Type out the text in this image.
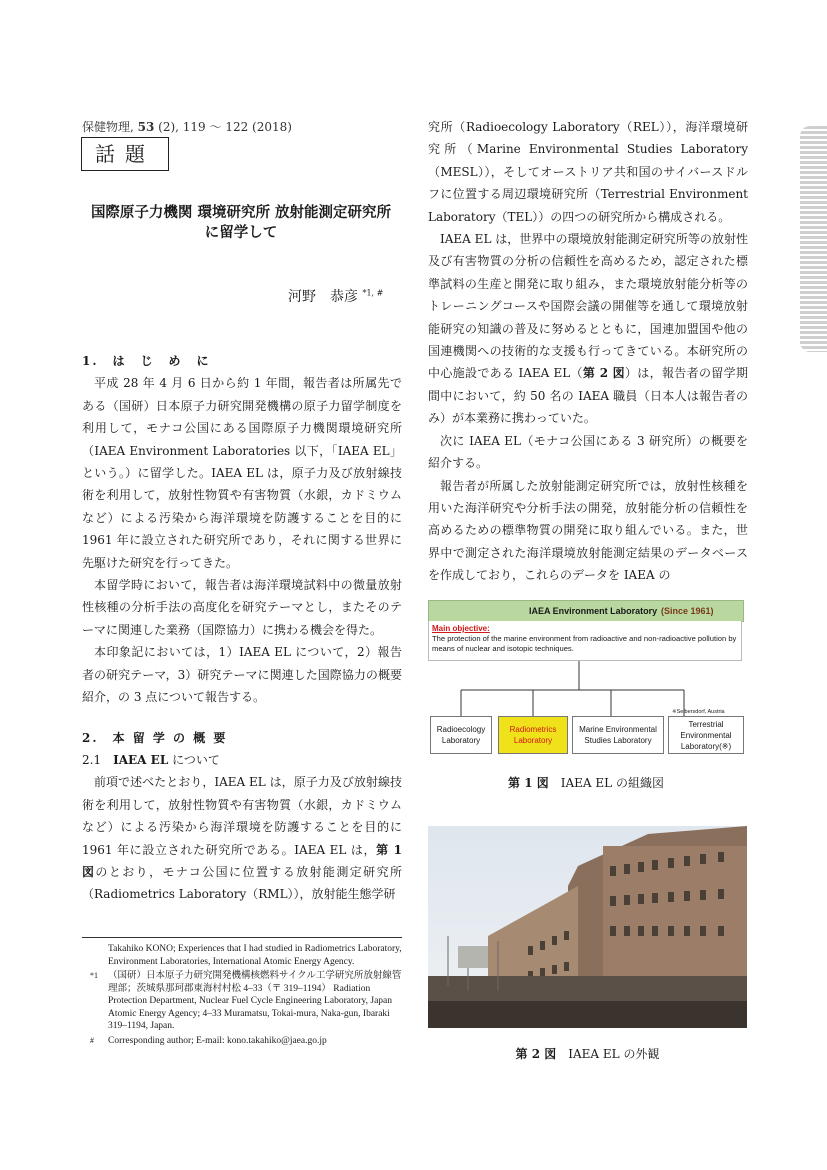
保健物理, 53 (2), 119 ～ 122 (2018)
話題
国際原子力機関 環境研究所 放射能測定研究所
に留学して
河野　恭彦 $^{*1, \#}$
1.　は　じ　め　に

平成 28 年 4 月 6 日から約 1 年間，報告者は所属先である（国研）日本原子力研究開発機構の原子力留学制度を利用して，モナコ公国にある国際原子力機関環境研究所（IAEA Environment Laboratories 以下，「IAEA EL」という。）に留学した。IAEA EL は，原子力及び放射線技術を利用して，放射性物質や有害物質（水銀，カドミウムなど）による汚染から海洋環境を防護することを目的に 1961 年に設立された研究所であり，それに関する世界に先駆けた研究を行ってきた。

本留学時において，報告者は海洋環境試料中の微量放射性核種の分析手法の高度化を研究テーマとし，またそのテーマに関連した業務（国際協力）に携わる機会を得た。

本印象記においては，1）IAEA EL について，2）報告者の研究テーマ，3）研究テーマに関連した国際協力の概要紹介，の 3 点について報告する。

2.　本 留 学 の 概 要
2.1　 IAEA EL について

前項で述べたとおり，IAEA EL は，原子力及び放射線技術を利用して，放射性物質や有害物質（水銀，カドミウムなど）による汚染から海洋環境を防護することを目的に 1961 年に設立された研究所である。IAEA EL は，第 1 図のとおり，モナコ公国に位置する放射能測定研究所（Radiometrics Laboratory（RML）），放射能生態学研

Takahiko KONO; Experiences that I had studied in Radiometrics Laboratory, Environment Laboratories, International Atomic Energy Agency.
*1 （国研）日本原子力研究開発機構核燃料サイクル工学研究所放射線管理部；茨城県那珂郡東海村村松 4–33（〒 319–1194） Radiation Protection Department, Nuclear Fuel Cycle Engineering Laboratory, Japan Atomic Energy Agency; 4–33 Muramatsu, Tokai-mura, Naka-gun, Ibaraki 319–1194, Japan.
# Corresponding author; E-mail: kono.takahiko@jaea.go.jp

究所（Radioecology Laboratory（REL）），海洋環境研究所（Marine Environmental Studies Laboratory（MESL）），そしてオーストリア共和国のサイバースドルフに位置する周辺環境研究所（Terrestrial Environment Laboratory（TEL））の四つの研究所から構成される。

IAEA EL は，世界中の環境放射能測定研究所等の放射性及び有害物質の分析の信頼性を高めるため，認定された標準試料の生産と開発に取り組み，また環境放射能分析等のトレーニングコースや国際会議の開催等を通して環境放射能研究の知識の普及に努めるとともに，国連加盟国や他の国連機関への技術的な支援も行ってきている。本研究所の中心施設である IAEA EL（第 2 図）は，報告者の留学期間中において，約 50 名の IAEA 職員（日本人は報告者のみ）が本業務に携わっていた。

次に IAEA EL（モナコ公国にある 3 研究所）の概要を紹介する。

報告者が所属した放射能測定研究所では，放射性核種を用いた海洋研究や分析手法の開発，放射能分析の信頼性を高めるための標準物質の開発に取り組んでいる。また，世界中で測定された海洋環境放射能測定結果のデータベースを作成しており，これらのデータを IAEA の

IAEA Environment Laboratory (Since 1961)
Main objective:
The protection of the marine environment from radioactive and non-radioactive pollution by means of nuclear and isotopic techniques.
※Seibersdorf, Austria
Radioecology Laboratory
Radiometrics Laboratory
Marine Environmental Studies Laboratory
Terrestrial Environmental Laboratory(※)
第 1 図　 IAEA EL の組織図
第 2 図　 IAEA EL の外観
